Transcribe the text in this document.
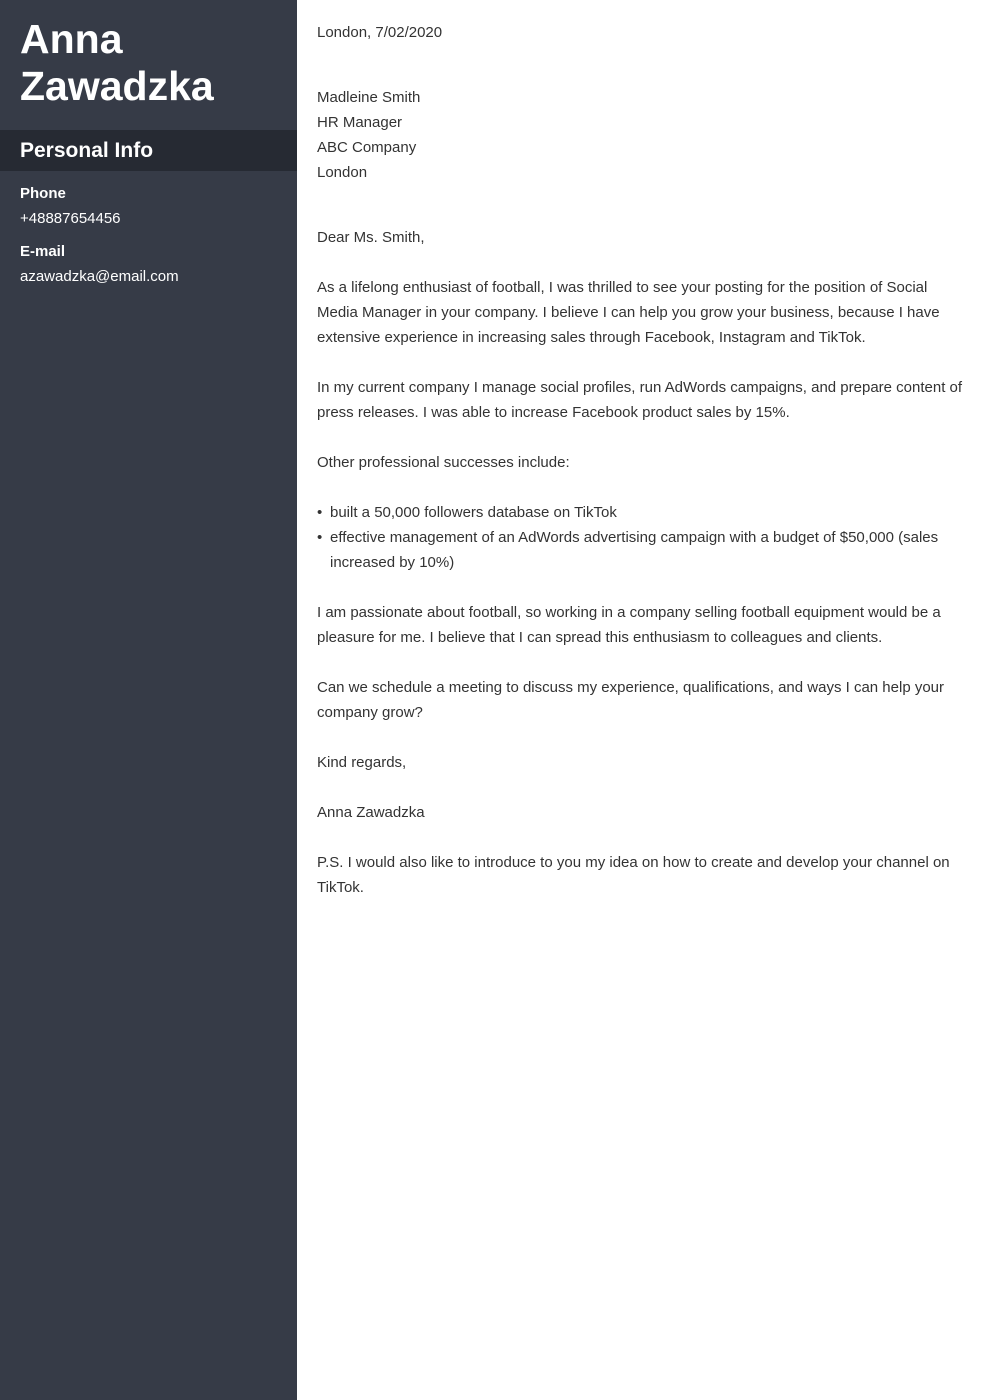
Anna
Zawadzka
Personal Info
Phone
+48887654456
E-mail
azawadzka@email.com

London, 7/02/2020

Madleine Smith

HR Manager

ABC Company

London

Dear Ms. Smith,

As a lifelong enthusiast of football, I was thrilled to see your posting for the position of Social Media Manager in your company. I believe I can help you grow your business, because I have extensive experience in increasing sales through Facebook, Instagram and TikTok.

In my current company I manage social profiles, run AdWords campaigns, and prepare content of press releases. I was able to increase Facebook product sales by 15%.

Other professional successes include:

• built a 50,000 followers database on TikTok
• effective management of an AdWords advertising campaign with a budget of $50,000 (sales increased by 10%)

I am passionate about football, so working in a company selling football equipment would be a pleasure for me. I believe that I can spread this enthusiasm to colleagues and clients.

Can we schedule a meeting to discuss my experience, qualifications, and ways I can help your company grow?

Kind regards,

Anna Zawadzka

P.S. I would also like to introduce to you my idea on how to create and develop your channel on TikTok.
